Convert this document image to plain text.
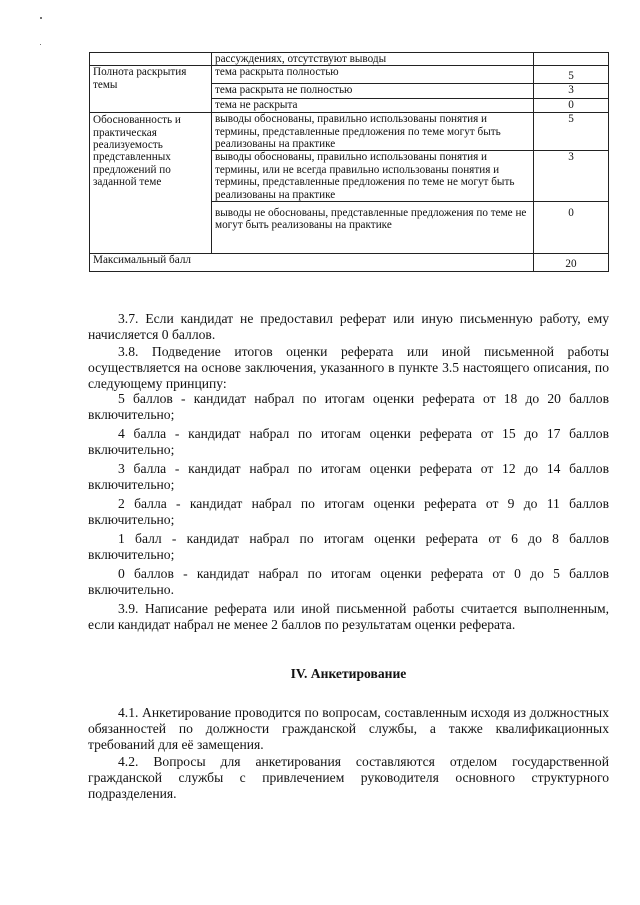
	рассуждениях, отсутствуют выводы	
Полнота раскрытия темы	тема раскрыта полностью	5
	тема раскрыта не полностью	3
	тема не раскрыта	0
Обоснованность и практическая реализуемость представленных предложений по заданной теме	выводы обоснованы, правильно использованы понятия и термины, представленные предложения по теме могут быть реализованы на практике	5
	выводы обоснованы, правильно использованы понятия и термины, или не всегда правильно использованы понятия и термины, представленные предложения по теме не могут быть реализованы на практике	3
	выводы не обоснованы, представленные предложения по теме не могут быть реализованы на практике	0
Максимальный балл		20

3.7. Если кандидат не предоставил реферат или иную письменную работу, ему начисляется 0 баллов.

3.8. Подведение итогов оценки реферата или иной письменной работы осуществляется на основе заключения, указанного в пункте 3.5 настоящего описания, по следующему принципу:

5 баллов - кандидат набрал по итогам оценки реферата от 18 до 20 баллов включительно;

4 балла - кандидат набрал по итогам оценки реферата от 15 до 17 баллов включительно;

3 балла - кандидат набрал по итогам оценки реферата от 12 до 14 баллов включительно;

2 балла - кандидат набрал по итогам оценки реферата от 9 до 11 баллов включительно;

1 балл - кандидат набрал по итогам оценки реферата от 6 до 8 баллов включительно;

0 баллов - кандидат набрал по итогам оценки реферата от 0 до 5 баллов включительно.

3.9. Написание реферата или иной письменной работы считается выполненным, если кандидат набрал не менее 2 баллов по результатам оценки реферата.

IV. Анкетирование

4.1. Анкетирование проводится по вопросам, составленным исходя из должностных обязанностей по должности гражданской службы, а также квалификационных требований для её замещения.

4.2. Вопросы для анкетирования составляются отделом государственной гражданской службы с привлечением руководителя основного структурного подразделения.
